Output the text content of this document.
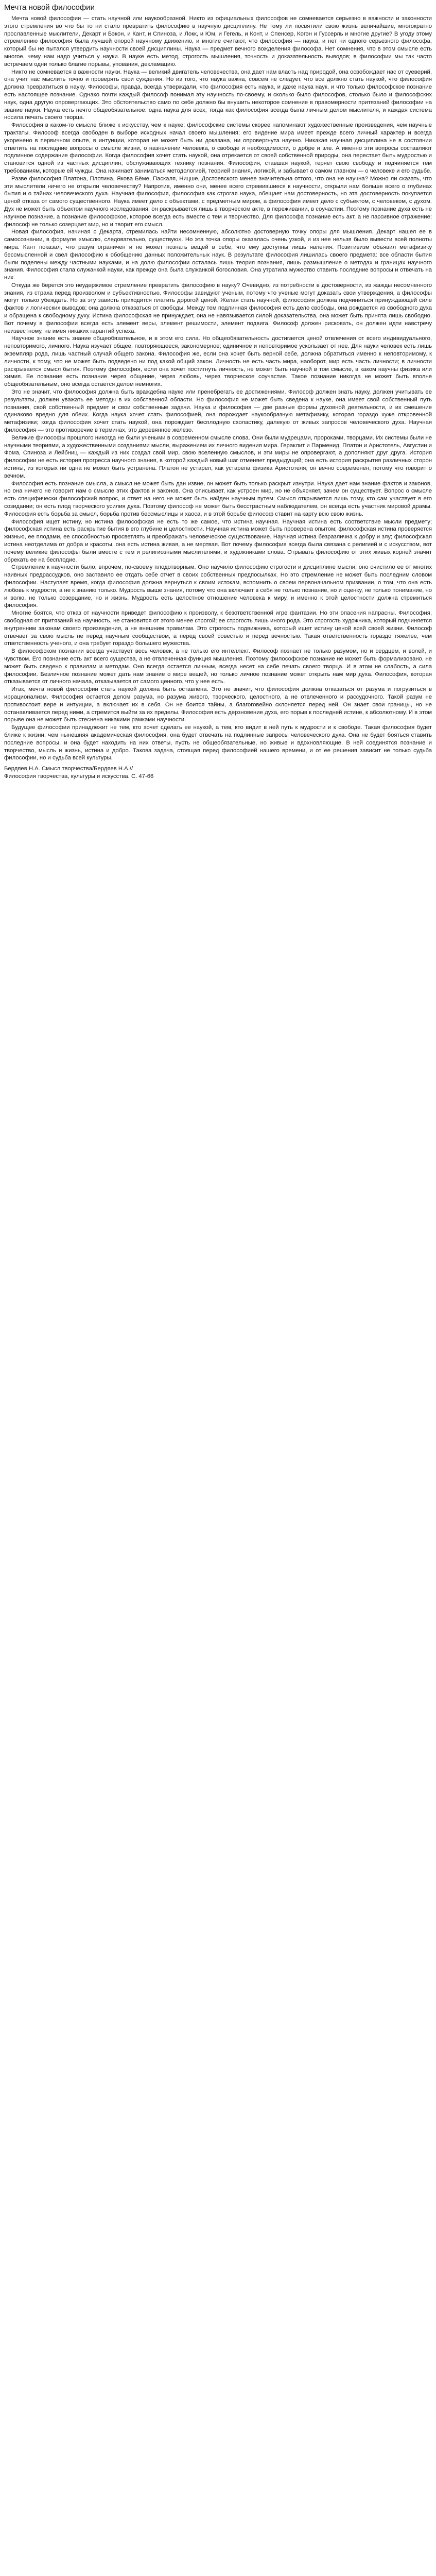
Мечта новой философии

Мечта новой философии — стать научной или наукообразной. Никто из официальных философов не сомневается серьезно в важности и законности этого стремления во что бы то ни стало превратить философию в научную дисциплину. Не тому ли посвятили свою жизнь величайшие, многократно прославленные мыслители, Декарт и Бэкон, и Кант, и Спиноза, и Локк, и Юм, и Гегель, и Конт, и Спенсер, Когэн и Гуссерль и многие другие? В угоду этому стремлению философия была лучшей опорой научному движению, и многие считают, что философия — наука, и нет ни одного серьезного философа, который бы не пытался утвердить научности своей дисциплины. Наука — предмет вечного вожделения философа. Нет сомнения, что в этом смысле есть многое, чему нам надо учиться у науки. В науке есть метод, строгость мышления, точность и доказательность выводов; в философии мы так часто встречаем одни только благие порывы, упования, декламацию.

Никто не сомневается в важности науки. Наука — великий двигатель человечества, она дает нам власть над природой, она освобождает нас от суеверий, она учит нас мыслить точно и проверять свои суждения. Но из того, что наука важна, совсем не следует, что все должно стать наукой, что философия должна превратиться в науку. Философы, правда, всегда утверждали, что философия есть наука, и даже наука наук, и что только философское познание есть настоящее познание. Однако почти каждый философ понимал эту научность по-своему, и сколько было философов, столько было и философских наук, одна другую опровергающих. Это обстоятельство само по себе должно бы внушить некоторое сомнение в правомерности притязаний философии на звание науки. Наука есть нечто общеобязательное: одна наука для всех, тогда как философия всегда была личным делом мыслителя, и каждая система носила печать своего творца.

Философия в каком-то смысле ближе к искусству, чем к науке; философские системы скорее напоминают художественные произведения, чем научные трактаты. Философ всегда свободен в выборе исходных начал своего мышления; его видение мира имеет прежде всего личный характер и всегда укоренено в первичном опыте, в интуиции, которая не может быть ни доказана, ни опровергнута научно. Никакая научная дисциплина не в состоянии ответить на последние вопросы о смысле жизни, о назначении человека, о свободе и необходимости, о добре и зле. А именно эти вопросы составляют подлинное содержание философии. Когда философия хочет стать наукой, она отрекается от своей собственной природы, она перестает быть мудростью и становится одной из частных дисциплин, обслуживающих технику познания. Философия, ставшая наукой, теряет свою свободу и подчиняется тем требованиям, которые ей чужды. Она начинает заниматься методологией, теорией знания, логикой, и забывает о самом главном — о человеке и его судьбе.

Разве философия Платона, Плотина, Якова Бёме, Паскаля, Ницше, Достоевского менее значительна оттого, что она не научна? Можно ли сказать, что эти мыслители ничего не открыли человечеству? Напротив, именно они, менее всего стремившиеся к научности, открыли нам больше всего о глубинах бытия и о тайнах человеческого духа. Научная философия, философия как строгая наука, обещает нам достоверность, но эта достоверность покупается ценой отказа от самого существенного. Наука имеет дело с объектами, с предметным миром, а философия имеет дело с субъектом, с человеком, с духом. Дух не может быть объектом научного исследования; он раскрывается лишь в творческом акте, в переживании, в соучастии. Поэтому познание духа есть не научное познание, а познание философское, которое всегда есть вместе с тем и творчество. Для философа познание есть акт, а не пассивное отражение; философ не только созерцает мир, но и творит его смысл.

Новая философия, начиная с Декарта, стремилась найти несомненную, абсолютно достоверную точку опоры для мышления. Декарт нашел ее в самосознании, в формуле «мыслю, следовательно, существую». Но эта точка опоры оказалась очень узкой, и из нее нельзя было вывести всей полноты мира. Кант показал, что разум ограничен и не может познать вещей в себе, что ему доступны лишь явления. Позитивизм объявил метафизику бессмысленной и свел философию к обобщению данных положительных наук. В результате философия лишилась своего предмета: все области бытия были поделены между частными науками, и на долю философии осталась лишь теория познания, лишь размышление о методах и границах научного знания. Философия стала служанкой науки, как прежде она была служанкой богословия. Она утратила мужество ставить последние вопросы и отвечать на них.

Откуда же берется это неудержимое стремление превратить философию в науку? Очевидно, из потребности в достоверности, из жажды несомненного знания, из страха перед произволом и субъективностью. Философы завидуют ученым, потому что ученые могут доказать свои утверждения, а философы могут только убеждать. Но за эту зависть приходится платить дорогой ценой. Желая стать научной, философия должна подчиниться принуждающей силе фактов и логических выводов; она должна отказаться от свободы. Между тем подлинная философия есть дело свободы, она рождается из свободного духа и обращена к свободному духу. Истина философская не принуждает, она не навязывается силой доказательства, она может быть принята лишь свободно. Вот почему в философии всегда есть элемент веры, элемент решимости, элемент подвига. Философ должен рисковать, он должен идти навстречу неизвестному, не имея никаких гарантий успеха.

Научное знание есть знание общеобязательное, и в этом его сила. Но общеобязательность достигается ценой отвлечения от всего индивидуального, неповторимого, личного. Наука изучает общее, повторяющееся, закономерное; единичное и неповторимое ускользает от нее. Для науки человек есть лишь экземпляр рода, лишь частный случай общего закона. Философия же, если она хочет быть верной себе, должна обратиться именно к неповторимому, к личности, к тому, что не может быть подведено ни под какой общий закон. Личность не есть часть мира, наоборот, мир есть часть личности; в личности раскрывается смысл бытия. Поэтому философия, если она хочет постигнуть личность, не может быть научной в том смысле, в каком научны физика или химия. Ее познание есть познание через общение, через любовь, через творческое соучастие. Такое познание никогда не может быть вполне общеобязательным, оно всегда остается делом немногих.

Это не значит, что философия должна быть враждебна науке или пренебрегать ее достижениями. Философ должен знать науку, должен учитывать ее результаты, должен уважать ее методы в их собственной области. Но философия не может быть сведена к науке, она имеет свой собственный путь познания, свой собственный предмет и свои собственные задачи. Наука и философия — две разные формы духовной деятельности, и их смешение одинаково вредно для обеих. Когда наука хочет стать философией, она порождает наукообразную метафизику, которая гораздо хуже откровенной метафизики; когда философия хочет стать наукой, она порождает бесплодную схоластику, далекую от живых запросов человеческого духа. Научная философия — это противоречие в терминах, это деревянное железо.

Великие философы прошлого никогда не были учеными в современном смысле слова. Они были мудрецами, пророками, творцами. Их системы были не научными теориями, а художественными созданиями мысли, выражением их личного видения мира. Гераклит и Парменид, Платон и Аристотель, Августин и Фома, Спиноза и Лейбниц — каждый из них создал свой мир, свою вселенную смыслов, и эти миры не опровергают, а дополняют друг друга. История философии не есть история прогресса научного знания, в которой каждый новый шаг отменяет предыдущий; она есть история раскрытия различных сторон истины, из которых ни одна не может быть устранена. Платон не устарел, как устарела физика Аристотеля; он вечно современен, потому что говорит о вечном.

Философия есть познание смысла, а смысл не может быть дан извне, он может быть только раскрыт изнутри. Наука дает нам знание фактов и законов, но она ничего не говорит нам о смысле этих фактов и законов. Она описывает, как устроен мир, но не объясняет, зачем он существует. Вопрос о смысле есть специфически философский вопрос, и ответ на него не может быть найден научным путем. Смысл открывается лишь тому, кто сам участвует в его созидании; он есть плод творческого усилия духа. Поэтому философ не может быть бесстрастным наблюдателем, он всегда есть участник мировой драмы. Философия есть борьба за смысл, борьба против бессмыслицы и хаоса, и в этой борьбе философ ставит на карту всю свою жизнь.

Философия ищет истину, но истина философская не есть то же самое, что истина научная. Научная истина есть соответствие мысли предмету; философская истина есть раскрытие бытия в его глубине и целостности. Научная истина может быть проверена опытом; философская истина проверяется жизнью, ее плодами, ее способностью просветлять и преображать человеческое существование. Научная истина безразлична к добру и злу; философская истина неотделима от добра и красоты, она есть истина живая, а не мертвая. Вот почему философия всегда была связана с религией и с искусством, вот почему великие философы были вместе с тем и религиозными мыслителями, и художниками слова. Отрывать философию от этих живых корней значит обрекать ее на бесплодие.

Стремление к научности было, впрочем, по-своему плодотворным. Оно научило философию строгости и дисциплине мысли, оно очистило ее от многих наивных предрассудков, оно заставило ее отдать себе отчет в своих собственных предпосылках. Но это стремление не может быть последним словом философии. Наступает время, когда философия должна вернуться к своим истокам, вспомнить о своем первоначальном призвании, о том, что она есть любовь к мудрости, а не к знанию только. Мудрость выше знания, потому что она включает в себя не только познание, но и оценку, не только понимание, но и волю, не только созерцание, но и жизнь. Мудрость есть целостное отношение человека к миру, и именно к этой целостности должна стремиться философия.

Многие боятся, что отказ от научности приведет философию к произволу, к безответственной игре фантазии. Но эти опасения напрасны. Философия, свободная от притязаний на научность, не становится от этого менее строгой; ее строгость лишь иного рода. Это строгость художника, который подчиняется внутренним законам своего произведения, а не внешним правилам. Это строгость подвижника, который ищет истину ценой всей своей жизни. Философ отвечает за свою мысль не перед научным сообществом, а перед своей совестью и перед вечностью. Такая ответственность гораздо тяжелее, чем ответственность ученого, и она требует гораздо большего мужества.

В философском познании всегда участвует весь человек, а не только его интеллект. Философ познает не только разумом, но и сердцем, и волей, и чувством. Его познание есть акт всего существа, а не отвлеченная функция мышления. Поэтому философское познание не может быть формализовано, не может быть сведено к правилам и методам. Оно всегда остается личным, всегда несет на себе печать своего творца. И в этом не слабость, а сила философии. Безличное познание может дать нам знание о мире вещей, но только личное познание может открыть нам мир духа. Философия, которая отказывается от личного начала, отказывается от самого ценного, что у нее есть.

Итак, мечта новой философии стать наукой должна быть оставлена. Это не значит, что философия должна отказаться от разума и погрузиться в иррационализм. Философия остается делом разума, но разума живого, творческого, целостного, а не отвлеченного и рассудочного. Такой разум не противостоит вере и интуиции, а включает их в себя. Он не боится тайны, а благоговейно склоняется перед ней. Он знает свои границы, но не останавливается перед ними, а стремится выйти за их пределы. Философия есть дерзновение духа, его порыв к последней истине, к абсолютному. И в этом порыве она не может быть стеснена никакими рамками научности.

Будущее философии принадлежит не тем, кто хочет сделать ее наукой, а тем, кто видит в ней путь к мудрости и к свободе. Такая философия будет ближе к жизни, чем нынешняя академическая философия, она будет отвечать на подлинные запросы человеческого духа. Она не будет бояться ставить последние вопросы, и она будет находить на них ответы, пусть не общеобязательные, но живые и вдохновляющие. В ней соединятся познание и творчество, мысль и жизнь, истина и добро. Такова задача, стоящая перед философией нашего времени, и от ее решения зависит не только судьба философии, но и судьба всей культуры.

Бердяев Н.А. Смысл творчества/Бердяев Н.А.//
Философия творчества, культуры и искусства. С. 47-66
